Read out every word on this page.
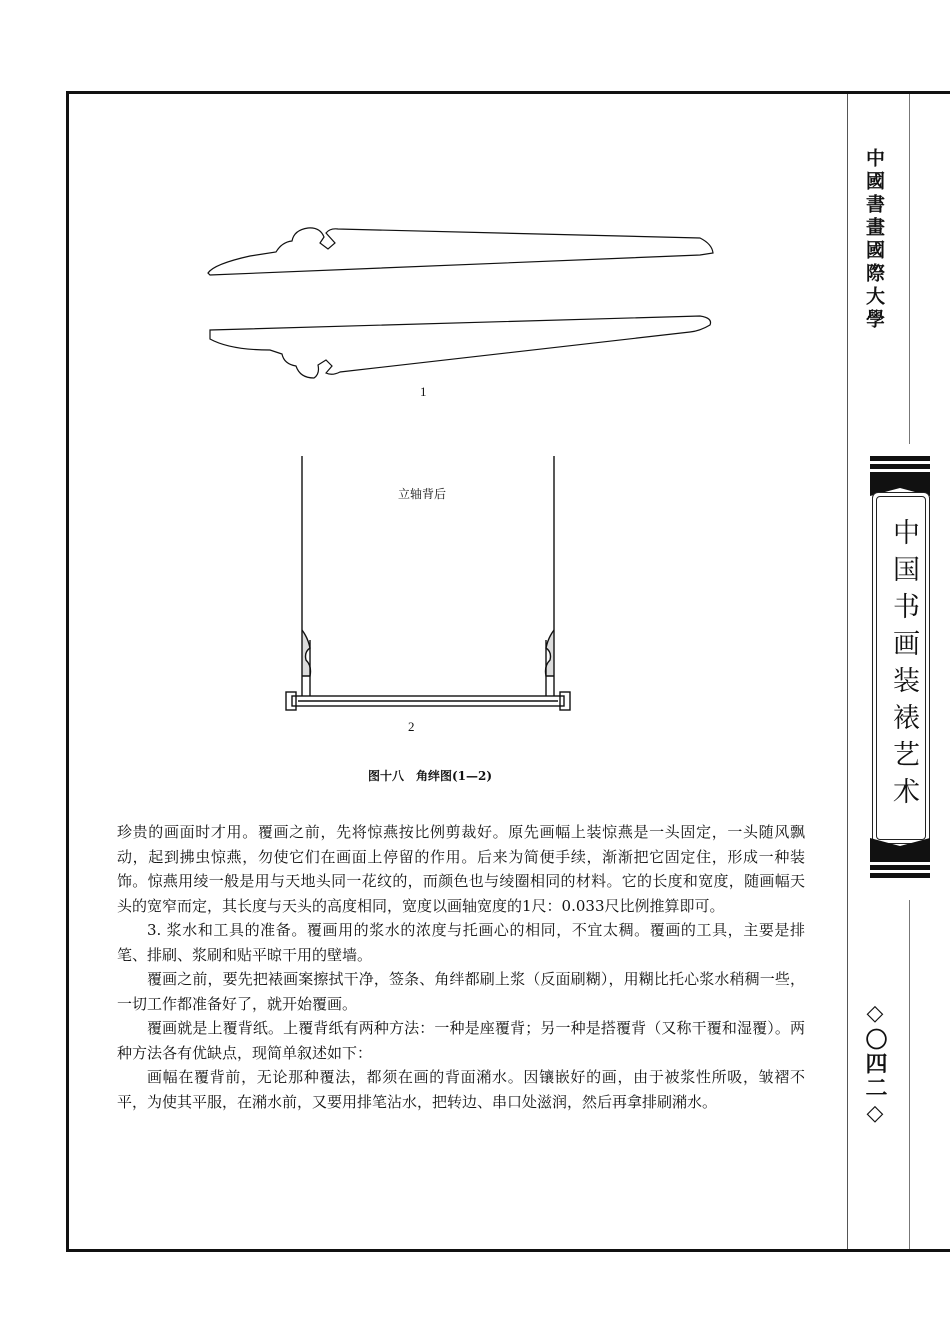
中國書畫國際大學
中国书画装裱艺术
◇〇四二◇
1
立轴背后
2
图十八　角绊图(1—2)

珍贵的画面时才用。覆画之前，先将惊燕按比例剪裁好。原先画幅上装惊燕是一头固定，一头随风飘动，起到拂虫惊燕，勿使它们在画面上停留的作用。后来为简便手续，渐渐把它固定住，形成一种装饰。惊燕用绫一般是用与天地头同一花纹的，而颜色也与绫圈相同的材料。它的长度和宽度，随画幅天头的宽窄而定，其长度与天头的高度相同，宽度以画轴宽度的1尺：0.033尺比例推算即可。

3. 浆水和工具的准备。覆画用的浆水的浓度与托画心的相同，不宜太稠。覆画的工具，主要是排笔、排刷、浆刷和贴平晾干用的壁墙。

覆画之前，要先把裱画案擦拭干净，签条、角绊都刷上浆（反面刷糊），用糊比托心浆水稍稠一些，一切工作都准备好了，就开始覆画。

覆画就是上覆背纸。上覆背纸有两种方法：一种是座覆背；另一种是搭覆背（又称干覆和湿覆）。两种方法各有优缺点，现简单叙述如下：

画幅在覆背前，无论那种覆法，都须在画的背面潲水。因镶嵌好的画，由于被浆性所吸，皱褶不平，为使其平服，在潲水前，又要用排笔沾水，把转边、串口处滋润，然后再拿排刷潲水。
